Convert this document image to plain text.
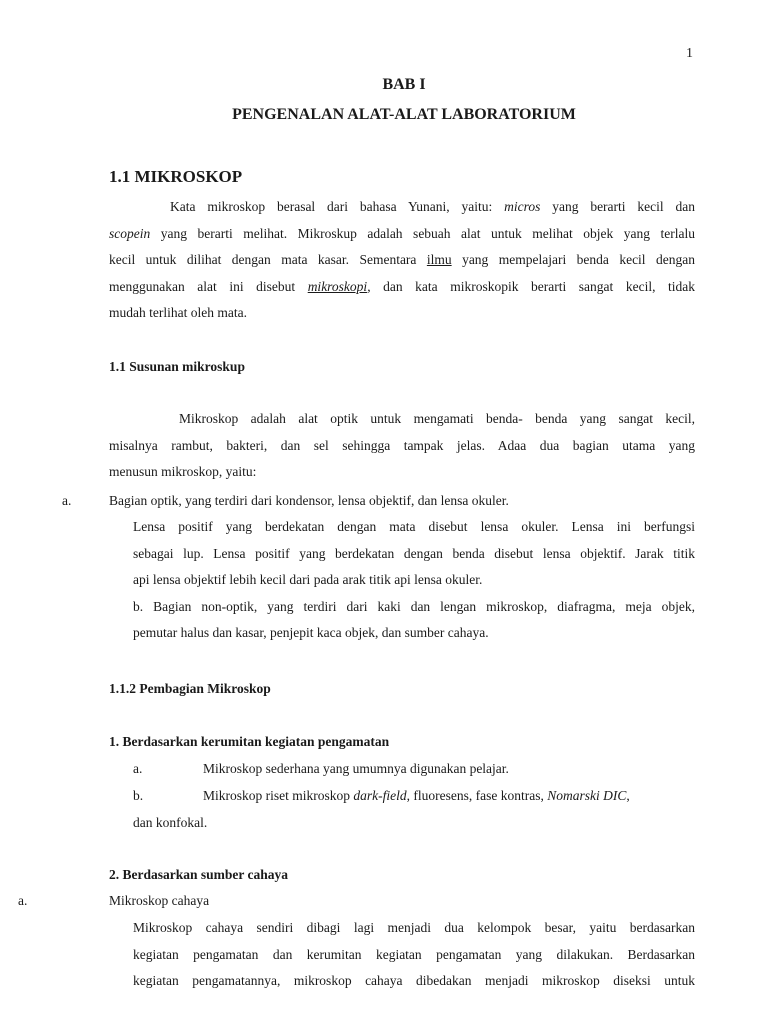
1
BAB I
PENGENALAN ALAT-ALAT LABORATORIUM
1.1 MIKROSKOP
Kata mikroskop berasal dari bahasa Yunani, yaitu: micros yang berarti kecil dan
scopein yang berarti melihat. Mikroskup adalah sebuah alat untuk melihat objek yang terlalu
kecil untuk dilihat dengan mata kasar. Sementara ilmu yang mempelajari benda kecil dengan
menggunakan alat ini disebut mikroskopi, dan kata mikroskopik berarti sangat kecil, tidak
mudah terlihat oleh mata.
1.1 Susunan mikroskup
Mikroskop adalah alat optik untuk mengamati benda- benda yang sangat kecil,
misalnya rambut, bakteri, dan sel sehingga tampak jelas. Adaa dua bagian utama yang
menusun mikroskop, yaitu:
a.	Bagian optik, yang terdiri dari kondensor, lensa objektif, dan lensa okuler.
Lensa positif yang berdekatan dengan mata disebut lensa okuler. Lensa ini berfungsi
sebagai lup. Lensa positif yang berdekatan dengan benda disebut lensa objektif. Jarak titik
api lensa objektif lebih kecil dari pada arak titik api lensa okuler.
b. Bagian non-optik, yang terdiri dari kaki dan lengan mikroskop, diafragma, meja objek,
pemutar halus dan kasar, penjepit kaca objek, dan sumber cahaya.
1.1.2 Pembagian Mikroskop
1. Berdasarkan kerumitan kegiatan pengamatan
a.	Mikroskop sederhana yang umumnya digunakan pelajar.
b.	Mikroskop riset mikroskop dark-field, fluoresens, fase kontras, Nomarski DIC,
dan konfokal.
2. Berdasarkan sumber cahaya
a.	Mikroskop cahaya
Mikroskop cahaya sendiri dibagi lagi menjadi dua kelompok besar, yaitu berdasarkan
kegiatan pengamatan dan kerumitan kegiatan pengamatan yang dilakukan. Berdasarkan
kegiatan pengamatannya, mikroskop cahaya dibedakan menjadi mikroskop diseksi untuk
